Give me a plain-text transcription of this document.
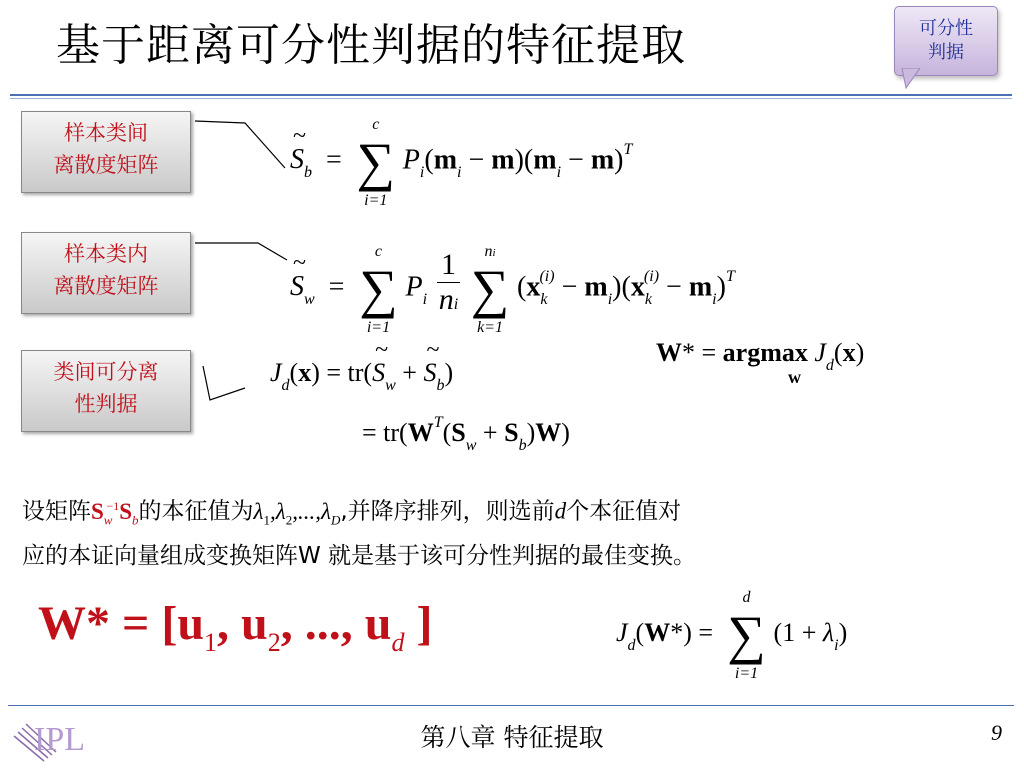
基于距离可分性判据的特征提取	可分性
判据
样本类间
离散度矩阵
样本类内
离散度矩阵
类间可分离
性判据
~ $S_b$  =
c
∑
i=1
$P_i(m_i - m)(m_i - m)^T$
~ $S_w$  =
c
∑
i=1
$P_i \frac{1}{ni}$	ni
∑
k=1
$(x_k^{(i)} - m_i)(x_k^{(i)} - m_i)^T$
W* = argmax $J_d(x)$
w
$J_d(x)$ = tr(~ $S_w$ + ~ $S_b$)
= $tr(W^T(S_w + S_b)W)$
设矩阵$S_w^{-1}S_b$的本征值为$\lambda_1,\lambda_2,...,\lambda_D$,并降序排列，则选前d个本征值对
应的本证向量组成变换矩阵W 就是基于该可分性判据的最佳变换。
$W* = [u_1$, $u_2$, ..., $u_d$ ]	$J_d(W*)$ =
d
∑
i=1
$(1 + \lambda_i)$
IPL	第八章 特征提取	9
